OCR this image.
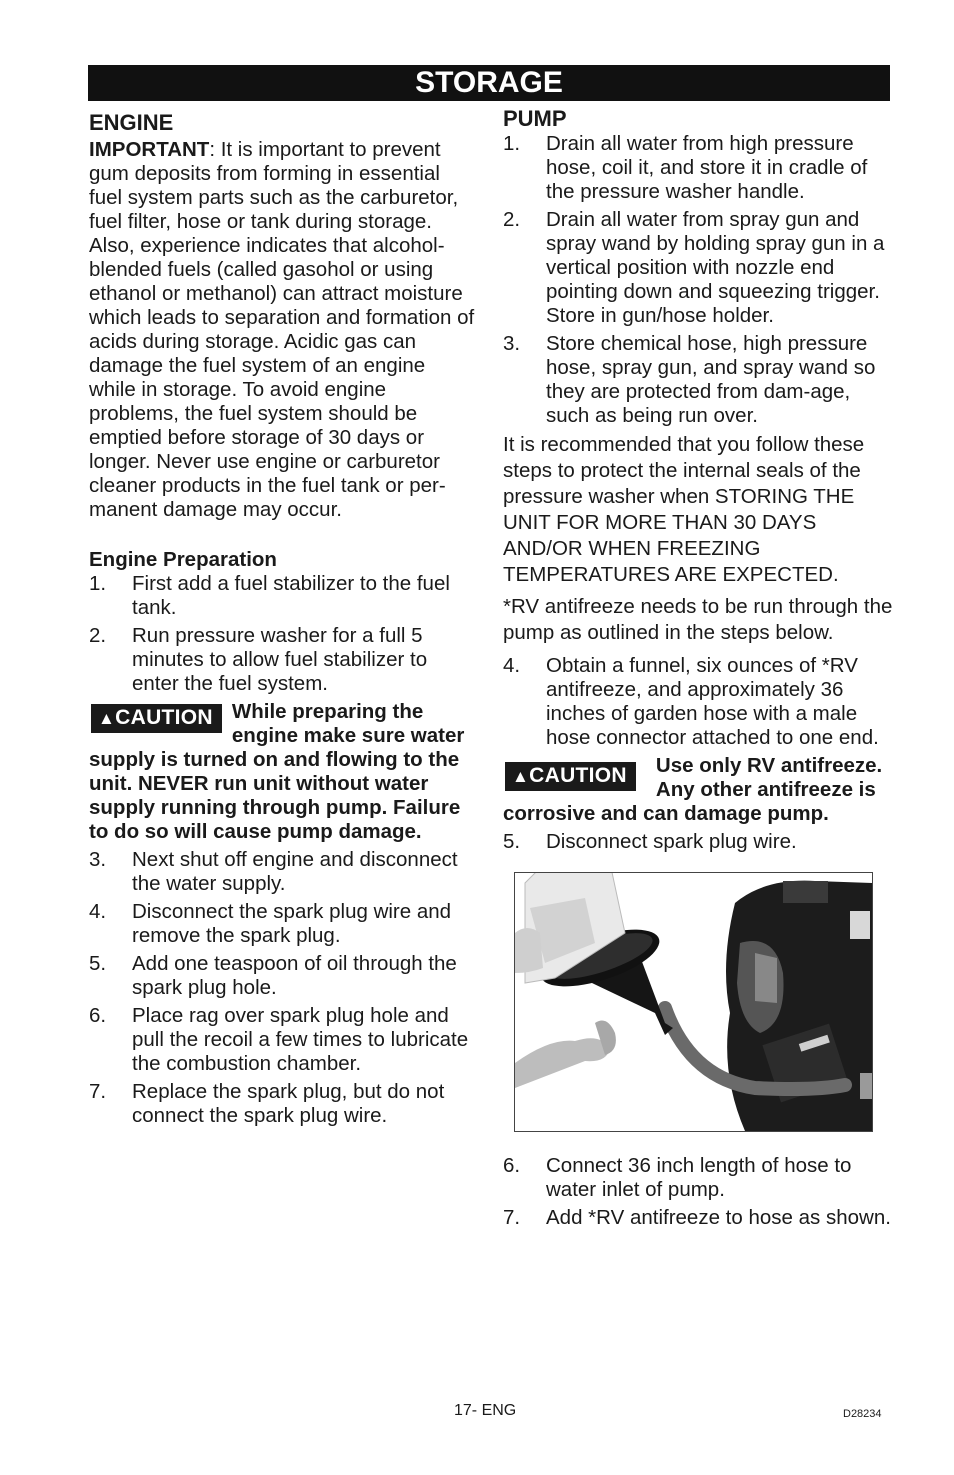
STORAGE
ENGINE

IMPORTANT: It is important to prevent gum deposits from forming in essential fuel system parts such as the carburetor, fuel filter, hose or tank during storage. Also, experience indicates that alcohol-blended fuels (called gasohol or using ethanol or methanol) can attract moisture which leads to separation and formation of acids during storage. Acidic gas can damage the fuel system of an engine while in storage. To avoid engine problems, the fuel system should be emptied before storage of 30 days or longer. Never use engine or carburetor cleaner products in the fuel tank or per-manent damage may occur.

Engine Preparation
1.	First add a fuel stabilizer to the fuel tank.
2.	Run pressure washer for a full 5 minutes to allow fuel stabilizer to enter the fuel system.
▲CAUTION While preparing the engine make sure water supply is turned on and flowing to the unit. NEVER run unit without water supply running through pump. Failure to do so will cause pump damage.
3.	Next shut off engine and disconnect the water supply.
4.	Disconnect the spark plug wire and remove the spark plug.
5.	Add one teaspoon of oil through the spark plug hole.
6.	Place rag over spark plug hole and pull the recoil a few times to lubricate the combustion chamber.
7.	Replace the spark plug, but do not connect the spark plug wire.
PUMP
1.	Drain all water from high pressure hose, coil it, and store it in cradle of the pressure washer handle.
2.	Drain all water from spray gun and spray wand by holding spray gun in a vertical position with nozzle end pointing down and squeezing trigger. Store in gun/hose holder.
3.	Store chemical hose, high pressure hose, spray gun, and spray wand so they are protected from dam-age, such as being run over.

It is recommended that you follow these steps to protect the internal seals of the pressure washer when STORING THE UNIT FOR MORE THAN 30 DAYS AND/OR WHEN FREEZING TEMPERATURES ARE EXPECTED.

*RV antifreeze needs to be run through the pump as outlined in the steps below.

4.	Obtain a funnel, six ounces of *RV antifreeze, and approximately 36 inches of garden hose with a male hose connector attached to one end.
▲CAUTION	Use only RV antifreeze. Any other antifreeze is corrosive and can damage pump.
5.	Disconnect spark plug wire.
6.	Connect 36 inch length of hose to water inlet of pump.
7.	Add *RV antifreeze to hose as shown.
17- ENG	D28234
